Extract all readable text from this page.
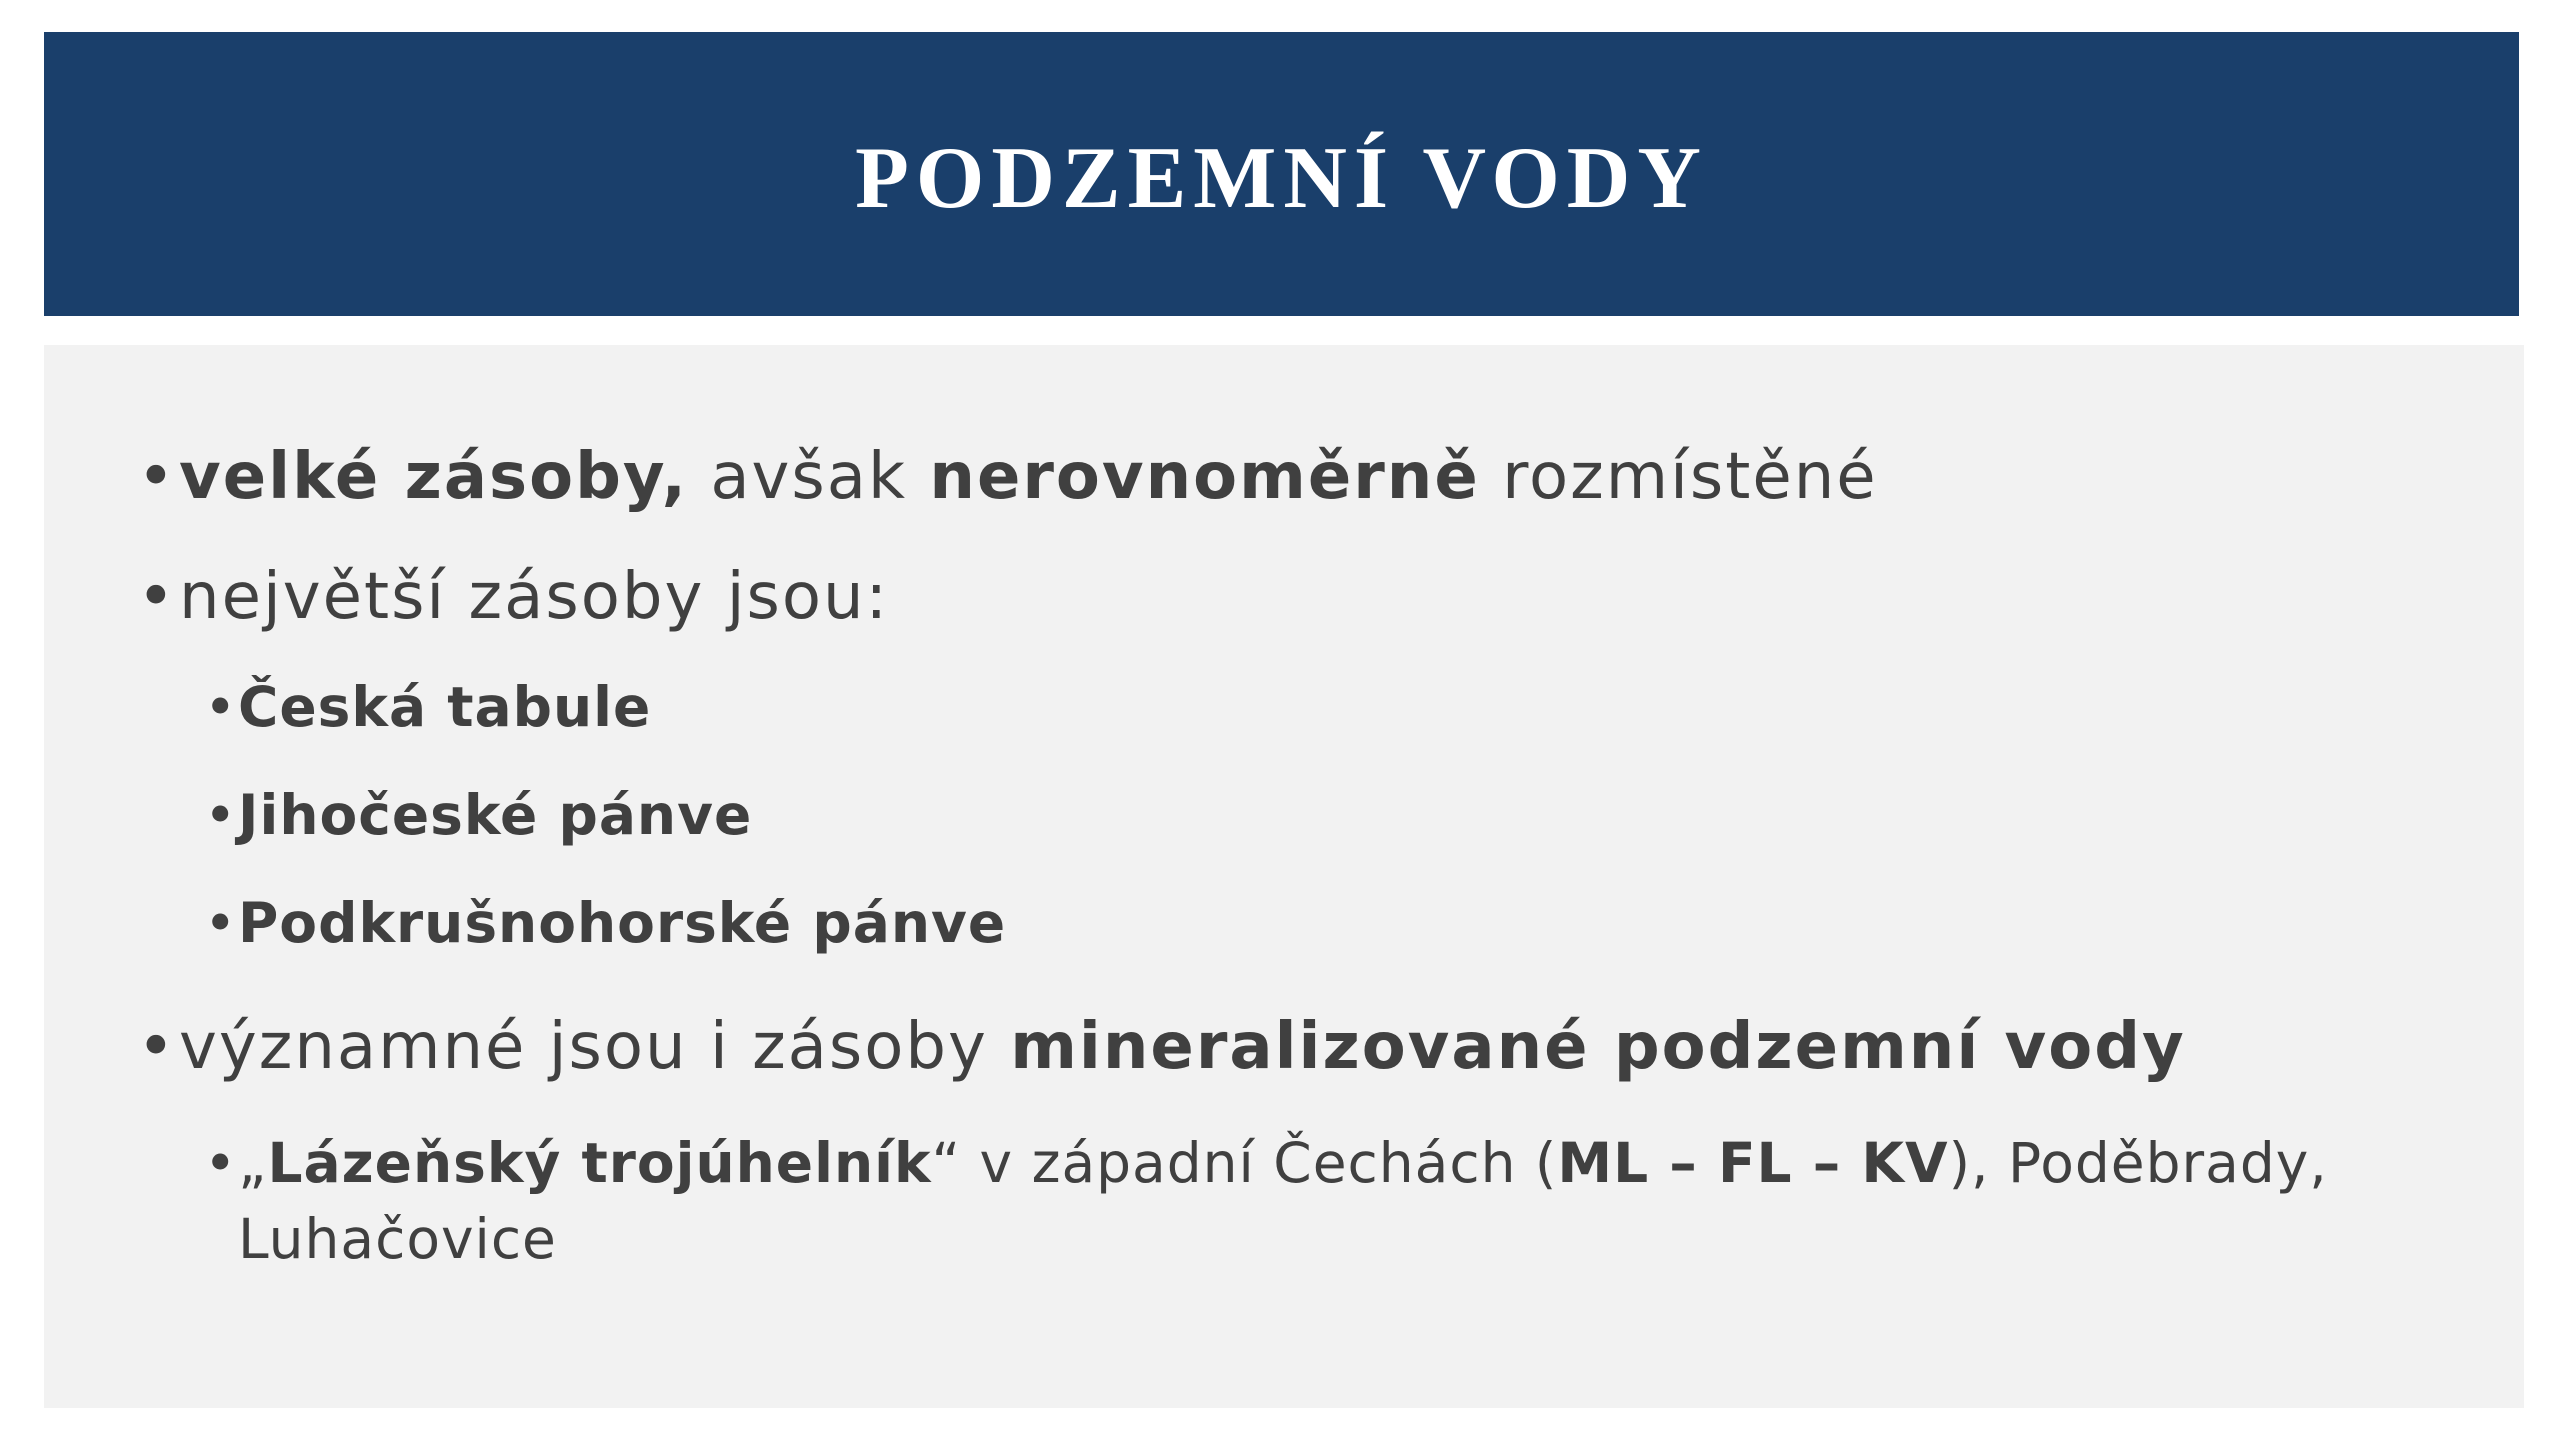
PODZEMNÍ VODY
•velké zásoby, avšak nerovnoměrně rozmístěné
•největší zásoby jsou:
•Česká tabule
•Jihočeské pánve
•Podkrušnohorské pánve
•významné jsou i zásoby mineralizované podzemní vody
• „Lázeňský trojúhelník“ v západní Čechách (ML – FL – KV), Poděbrady, Luhačovice
